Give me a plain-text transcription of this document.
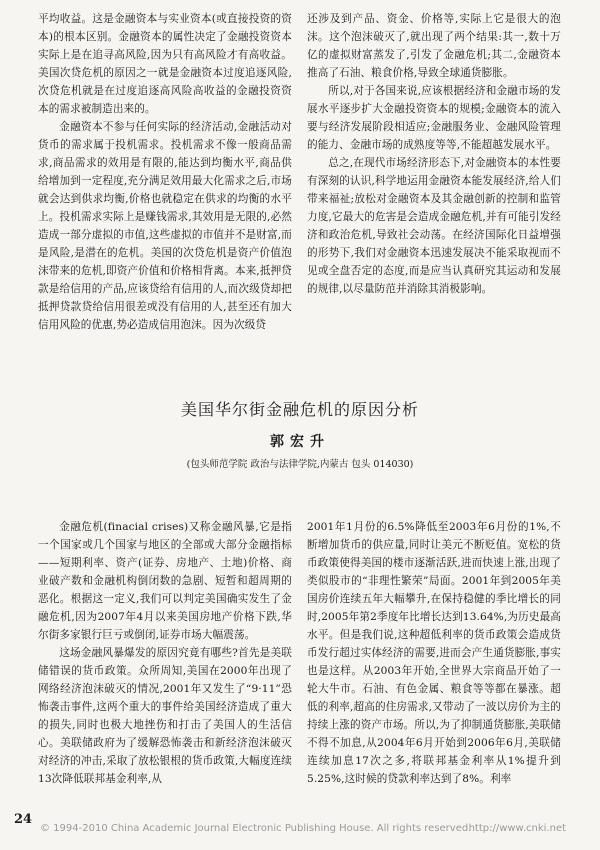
平均收益。这是金融资本与实业资本(或直接投资的资本)的根本区别。金融资本的属性决定了金融投资资本实际上是在追寻高风险,因为只有高风险才有高收益。美国次贷危机的原因之一就是金融资本过度追逐风险,次贷危机就是在过度追逐高风险高收益的金融投资资本的需求被制造出来的。

金融资本不参与任何实际的经济活动,金融活动对货币的需求属于投机需求。投机需求不像一般商品需求,商品需求的效用是有限的,能达到均衡水平,商品供给增加到一定程度,充分满足效用最大化需求之后,市场就会达到供求均衡,价格也就稳定在供求的均衡的水平上。投机需求实际上是赚钱需求,其效用是无限的,必然造成一部分虚拟的市值,这些虚拟的市值并不是财富,而是风险,是潜在的危机。美国的次贷危机是资产价值泡沫带来的危机,即资产价值和价格相背离。本来,抵押贷款是给信用的产品,应该贷给有信用的人,而次级贷却把抵押贷款贷给信用很差或没有信用的人,甚至还有加大信用风险的优惠,势必造成信用泡沫。因为次级贷

还涉及到产品、资金、价格等,实际上它是很大的泡沫。这个泡沫破灭了,就出现了两个结果:其一,数十万亿的虚拟财富蒸发了,引发了金融危机;其二,金融资本推高了石油、粮食价格,导致全球通货膨胀。

所以,对于各国来说,应该根据经济和金融市场的发展水平逐步扩大金融投资资本的规模;金融资本的流入要与经济发展阶段相适应;金融服务业、金融风险管理的能力、金融市场的成熟度等等,不能超越发展水平。

总之,在现代市场经济形态下,对金融资本的本性要有深刻的认识,科学地运用金融资本能发展经济,给人们带来福祉;放松对金融资本及其金融创新的控制和监管力度,它最大的危害是会造成金融危机,并有可能引发经济和政治危机,导致社会动荡。在经济国际化日益增强的形势下,我们对金融资本迅速发展决不能采取视而不见或全盘否定的态度,而是应当认真研究其运动和发展的规律,以尽量防范并消除其消极影响。

美国华尔街金融危机的原因分析
郭宏升
(包头师范学院 政治与法律学院,内蒙古 包头 014030)

金融危机(finacial crises)又称金融风暴,它是指一个国家或几个国家与地区的全部或大部分金融指标——短期利率、资产(证券、房地产、土地)价格、商业破产数和金融机构倒闭数的急剧、短暂和超周期的恶化。根据这一定义,我们可以判定美国确实发生了金融危机,因为2007年4月以来美国房地产价格下跌,华尔街多家银行巨亏或倒闭,证券市场大幅震荡。

这场金融风暴爆发的原因究竟有哪些?首先是美联储错误的货币政策。众所周知,美国在2000年出现了网络经济泡沫破灭的情况,2001年又发生了“9·11”恐怖袭击事件,这两个重大的事件给美国经济造成了重大的损失,同时也极大地挫伤和打击了美国人的生活信心。美联储政府为了缓解恐怖袭击和新经济泡沫破灭对经济的冲击,采取了放松银根的货币政策,大幅度连续13次降低联邦基金利率,从

2001年1月份的6.5%降低至2003年6月份的1%,不断增加货币的供应量,同时让美元不断贬值。宽松的货币政策使得美国的楼市逐渐活跃,进而快速上涨,出现了类似股市的“非理性繁荣”局面。2001年到2005年美国房价连续五年大幅攀升,在保持稳健的季比增长的同时,2005年第2季度年比增长达到13.64%,为历史最高水平。但是我们说,这种超低利率的货币政策会造成货币发行超过实体经济的需要,进而会产生通货膨胀,事实也是这样。从2003年开始,全世界大宗商品开始了一轮大牛市。石油、有色金属、粮食等等都在暴涨。超低的利率,超高的住房需求,又带动了一波以房价为主的持续上涨的资产市场。所以,为了抑制通货膨胀,美联储不得不加息,从2004年6月开始到2006年6月,美联储连续加息17次之多,将联邦基金利率从1%提升到5.25%,这时候的贷款利率达到了8%。利率

24
© 1994-2010 China Academic Journal Electronic Publishing House. All rights reserved.
http://www.cnki.net
